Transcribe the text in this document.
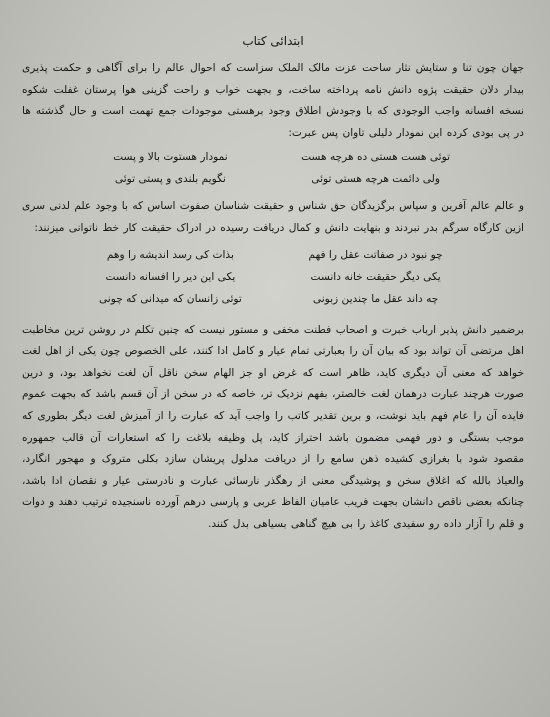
ابتدائی کتاب

جهان چون تنا و ستایش نثار ساحت عزت مالک الملک سزاست که احوال عالم را برای آگاهی و حکمت پذیری بیدار دلان حقیقت پژوه دانش نامه پرداخته ساخت، و بجهت خواب و راحت گزینی هوا پرستان غفلت شکوه نسخه افسانه واجب الوجودی که با وجودش اطلاق وجود برهستی موجودات جمع تهمت است و حال گذشته ها در پی بودی کرده این نمودار دلیلی تاوان پس عبرت:

توئی هست هستی ده هرچه هست
نمودار هستوت بالا و پست
ولی دائمت هرچه هستی توئی
نگویم بلندی و پستی توئی

و عالم عالم آفرین و سپاس برگزیدگان حق شناس و حقیقت شناسان صفوت اساس که با وجود علم لدنی سری ازین کارگاه سرگم بدر نبردند و بنهایت دانش و کمال دریافت رسیده در ادراک حقیقت کار خط ناتوانی میزنند:

چو نبود در صفاتت عقل را فهم
بذات کی رسد اندیشه را وهم
یکی دیگر حقیقت خانه دانست
یکی این دیر را افسانه دانست
چه داند عقل ما چندین زبونی
توئی زانسان که میدانی که چونی

برضمیر دانش پذیر ارباب خبرت و اصحاب فطنت مخفی و مستور نیست که چنین تکلم در روشن ترین مخاطبت اهل مرتضی آن تواند بود که بیان آن را بعبارتی تمام عیار و کامل ادا کنند، علی الخصوص چون یکی از اهل لغت خواهد که معنی آن دیگری کاید، ظاهر است که غرض او جز الهام سخن ناقل آن لغت نخواهد بود، و درین صورت هرچند عبارت درهمان لغت خالصتر، بفهم نزدیک تر، خاصه که در سخن از آن قسم باشد که بجهت عموم فایده آن را عام فهم باید نوشت، و برین تقدیر کاتب را واجب آید که عبارت را از آمیزش لغت دیگر بطوری که موجب بستگی و دور فهمی مضمون باشد احتراز کاید، پل وظیفه بلاغت را که استعارات آن قالب جمهوره مقصود شود با بغرازی کشیده ذهن سامع را از دریافت مدلول پریشان سازد بکلی متروک و مهجور انگارد، والعیاذ بالله که اغلاق سخن و پوشیدگی معنی از رهگذر نارسائی عبارت و نادرستی عیار و نقصان ادا باشد، چنانکه بعضی ناقص دانشان بجهت فریب عامیان الفاظ عربی و پارسی درهم آورده ناسنجیده ترتیب دهند و دوات و قلم را آزار داده رو سفیدی کاغذ را بی هیچ گناهی بسیاهی بدل کنند.
